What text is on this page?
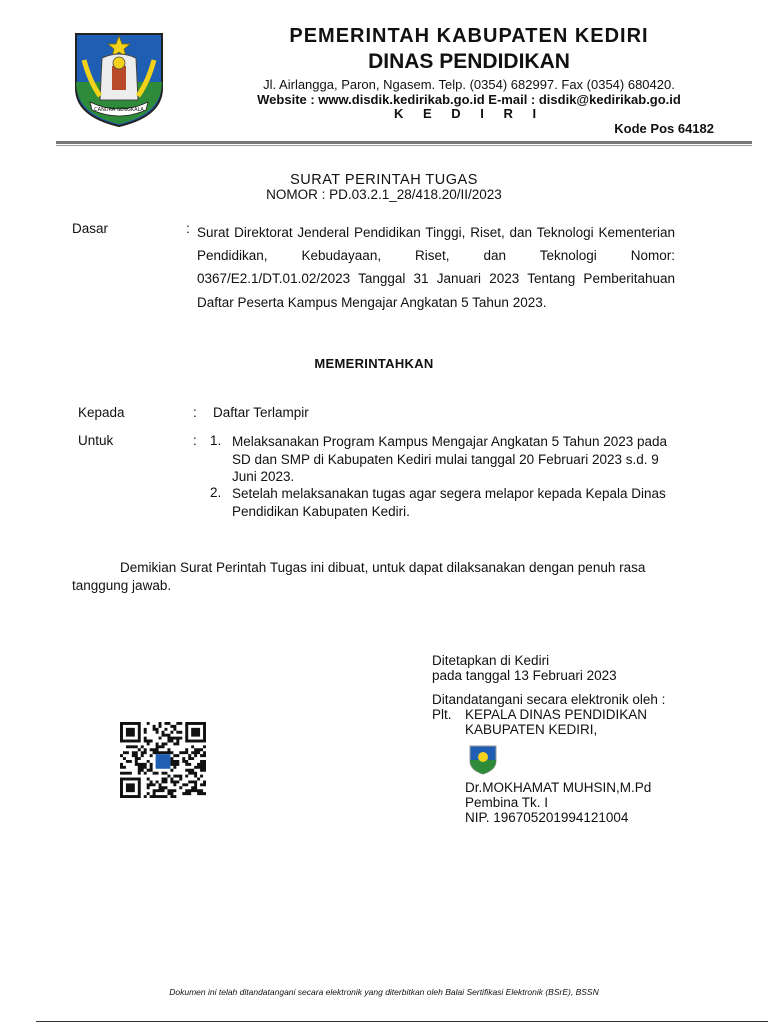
CANDRA SENGKALA
PEMERINTAH KABUPATEN KEDIRI
DINAS PENDIDIKAN
Jl. Airlangga, Paron, Ngasem. Telp. (0354) 682997. Fax (0354) 680420.
Website : www.disdik.kedirikab.go.id E-mail : disdik@kedirikab.go.id
K E D I R I
Kode Pos 64182
SURAT PERINTAH TUGAS
NOMOR : PD.03.2.1_28/418.20/II/2023
Dasar	: Surat Direktorat Jenderal Pendidikan Tinggi, Riset, dan Teknologi Kementerian Pendidikan, Kebudayaan, Riset, dan Teknologi Nomor: 0367/E2.1/DT.01.02/2023 Tanggal 31 Januari 2023 Tentang Pemberitahuan Daftar Peserta Kampus Mengajar Angkatan 5 Tahun 2023.
MEMERINTAHKAN
Kepada	: Daftar Terlampir
Untuk	: 1. Melaksanakan Program Kampus Mengajar Angkatan 5 Tahun 2023 pada SD dan SMP di Kabupaten Kediri mulai tanggal 20 Februari 2023 s.d. 9 Juni 2023.
2. Setelah melaksanakan tugas agar segera melapor kepada Kepala Dinas Pendidikan Kabupaten Kediri.
Demikian Surat Perintah Tugas ini dibuat, untuk dapat dilaksanakan dengan penuh rasa tanggung jawab.
Ditetapkan di Kediri
pada tanggal 13 Februari 2023
Ditandatangani secara elektronik oleh :
Plt. KEPALA DINAS PENDIDIKAN
KABUPATEN KEDIRI,
Dr.MOKHAMAT MUHSIN,M.Pd
Pembina Tk. I
NIP. 196705201994121004
Dokumen ini telah ditandatangani secara elektronik yang diterbitkan oleh Balai Sertifikasi Elektronik (BSrE), BSSN
